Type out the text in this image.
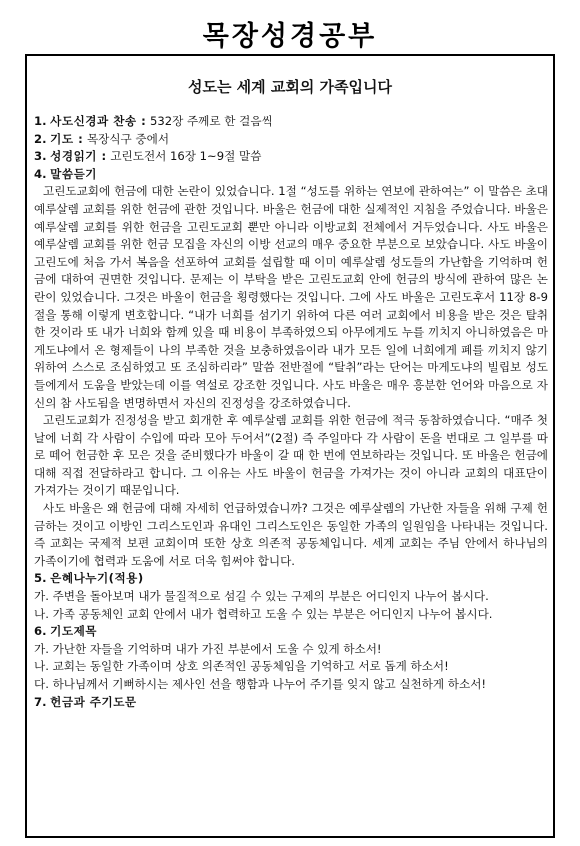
목장성경공부
성도는 세계 교회의 가족입니다
1. 사도신경과 찬송 : 532장 주께로 한 걸음씩
2. 기도 : 목장식구 중에서
3. 성경읽기 : 고린도전서 16장 1~9절 말씀
4. 말씀듣기

고린도교회에 헌금에 대한 논란이 있었습니다. 1절 “성도를 위하는 연보에 관하여는” 이 말씀은 초대 예루살렘 교회를 위한 헌금에 관한 것입니다. 바울은 헌금에 대한 실제적인 지침을 주었습니다. 바울은 예루살렘 교회를 위한 헌금을 고린도교회 뿐만 아니라 이방교회 전체에서 거두었습니다. 사도 바울은 예루살렘 교회를 위한 헌금 모집을 자신의 이방 선교의 매우 중요한 부분으로 보았습니다. 사도 바울이 고린도에 처음 가서 복음을 선포하여 교회를 설립할 때 이미 예루살렘 성도들의 가난함을 기억하며 헌금에 대하여 권면한 것입니다. 문제는 이 부탁을 받은 고린도교회 안에 헌금의 방식에 관하여 많은 논란이 있었습니다. 그것은 바울이 헌금을 횡령했다는 것입니다. 그에 사도 바울은 고린도후서 11장 8-9절을 통해 이렇게 변호합니다. “내가 너희를 섬기기 위하여 다른 여러 교회에서 비용을 받은 것은 탈취한 것이라 또 내가 너희와 함께 있을 때 비용이 부족하였으되 아무에게도 누를 끼치지 아니하였음은 마게도냐에서 온 형제들이 나의 부족한 것을 보충하였음이라 내가 모든 일에 너희에게 폐를 끼치지 않기 위하여 스스로 조심하였고 또 조심하리라” 말씀 전반절에 “탈취”라는 단어는 마게도냐의 빌립보 성도들에게서 도움을 받았는데 이를 역설로 강조한 것입니다. 사도 바울은 매우 흥분한 언어와 마음으로 자신의 참 사도됨을 변명하면서 자신의 진정성을 강조하였습니다.

고린도교회가 진정성을 받고 회개한 후 예루살렘 교회를 위한 헌금에 적극 동참하였습니다. “매주 첫 날에 너희 각 사람이 수입에 따라 모아 두어서”(2절) 즉 주일마다 각 사람이 돈을 번대로 그 일부를 따로 떼어 헌금한 후 모은 것을 준비했다가 바울이 갈 때 한 번에 연보하라는 것입니다. 또 바울은 헌금에 대해 직접 전달하라고 합니다. 그 이유는 사도 바울이 헌금을 가져가는 것이 아니라 교회의 대표단이 가져가는 것이기 때문입니다.

사도 바울은 왜 헌금에 대해 자세히 언급하였습니까? 그것은 예루살렘의 가난한 자들을 위해 구제 헌금하는 것이고 이방인 그리스도인과 유대인 그리스도인은 동일한 가족의 일원임을 나타내는 것입니다. 즉 교회는 국제적 보편 교회이며 또한 상호 의존적 공동체입니다. 세계 교회는 주님 안에서 하나님의 가족이기에 협력과 도움에 서로 더욱 힘써야 합니다.

5. 은혜나누기(적용)
가. 주변을 돌아보며 내가 물질적으로 섬길 수 있는 구제의 부분은 어디인지 나누어 봅시다.
나. 가족 공동체인 교회 안에서 내가 협력하고 도울 수 있는 부분은 어디인지 나누어 봅시다.
6. 기도제목
가. 가난한 자들을 기억하며 내가 가진 부분에서 도울 수 있게 하소서!
나. 교회는 동일한 가족이며 상호 의존적인 공동체임을 기억하고 서로 돕게 하소서!
다. 하나님께서 기뻐하시는 제사인 선을 행함과 나누어 주기를 잊지 않고 실천하게 하소서!
7. 헌금과 주기도문
